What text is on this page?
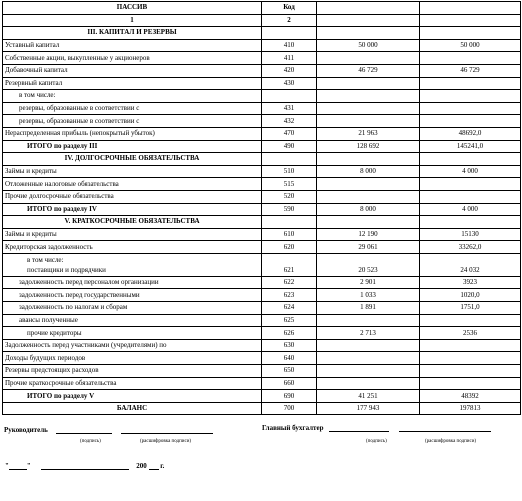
ПАССИВ	Код		
1	2		
III. КАПИТАЛ И РЕЗЕРВЫ			
Уставный капитал	410	50 000	50 000
Собственные акции, выкупленные у акционеров	411		
Добавочный капитал	420	46 729	46 729
Резервный капитал	430		
в том числе:			
резервы, образованные в соответствии с	431		
резервы, образованные в соответствии с	432		
Нераспределенная прибыль (непокрытый убыток)	470	21 963	48692,0
ИТОГО по разделу III	490	128 692	145241,0
IV. ДОЛГОСРОЧНЫЕ ОБЯЗАТЕЛЬСТВА			
Займы и кредиты	510	8 000	4 000
Отложенные налоговые обязательства	515		
Прочие долгосрочные обязательства	520		
ИТОГО по разделу IV	590	8 000	4 000
V. КРАТКОСРОЧНЫЕ ОБЯЗАТЕЛЬСТВА			
Займы и кредиты	610	12 190	15130
Кредиторская задолженность	620	29 061	33262,0
в том числе:
поставщики и подрядчики	621	20 523	24 032
задолженность перед персоналом организации	622	2 901	3923
задолженность перед государственными	623	1 033	1020,0
задолженность по налогам и сборам	624	1 891	1751,0
авансы полученные	625		
прочие кредиторы	626	2 713	2536
Задолженность перед участниками (учредителями) по	630		
Доходы будущих периодов	640		
Резервы предстоящих расходов	650		
Прочие краткосрочные обязательства	660		
ИТОГО по разделу V	690	41 251	48392
БАЛАНС	700	177 943	197813
Руководитель
(подпись)	(расшифровка подписи)
Главный бухгалтер
(подпись)	(расшифровка подписи)
"	"	200 г.
